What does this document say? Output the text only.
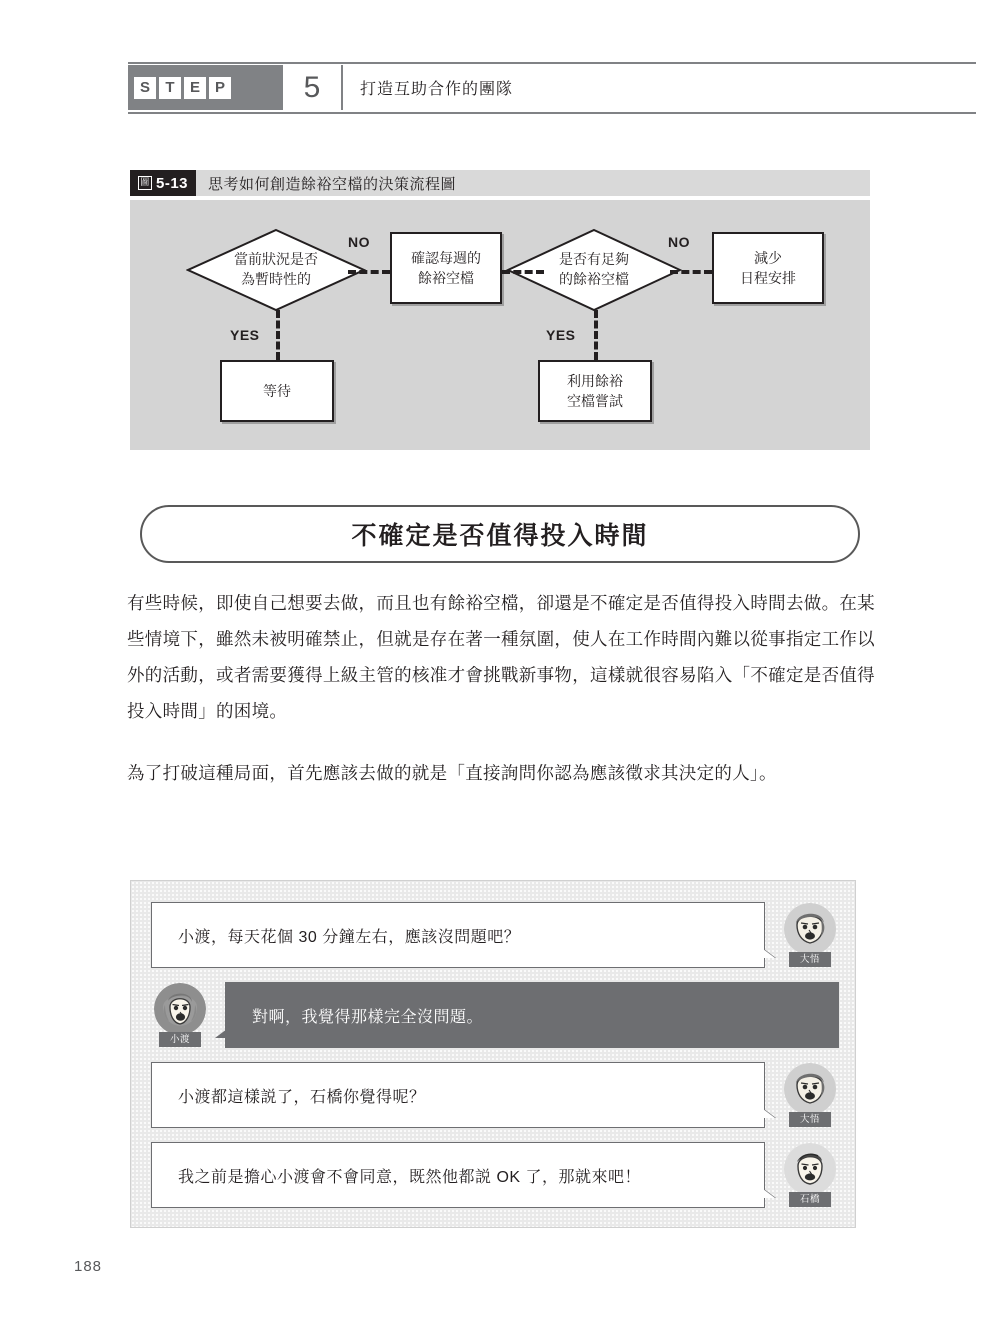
S	T	E P	5 打造互助合作的團隊
圖 5-13 思考如何創造餘裕空檔的決策流程圖
當前狀況是否
為暫時性的
NO
確認每週的
餘裕空檔
是否有足夠
的餘裕空檔
NO
減少
日程安排
YES	YES
等待
利用餘裕
空檔嘗試
不確定是否值得投入時間

有些時候，即使自己想要去做，而且也有餘裕空檔，卻還是不確定是否值得投入時間去做。在某些情境下，雖然未被明確禁止，但就是存在著一種氛圍，使人在工作時間內難以從事指定工作以外的活動，或者需要獲得上級主管的核准才會挑戰新事物，這樣就很容易陷入「不確定是否值得投入時間」的困境。

為了打破這種局面，首先應該去做的就是「直接詢問你認為應該徵求其決定的人」。

小渡，每天花個 30 分鐘左右，應該沒問題吧？
大悟
小渡
對啊，我覺得那樣完全沒問題。
小渡都這樣説了，石橋你覺得呢？
大悟
我之前是擔心小渡會不會同意，既然他都説 OK 了，那就來吧！
石橋
188
